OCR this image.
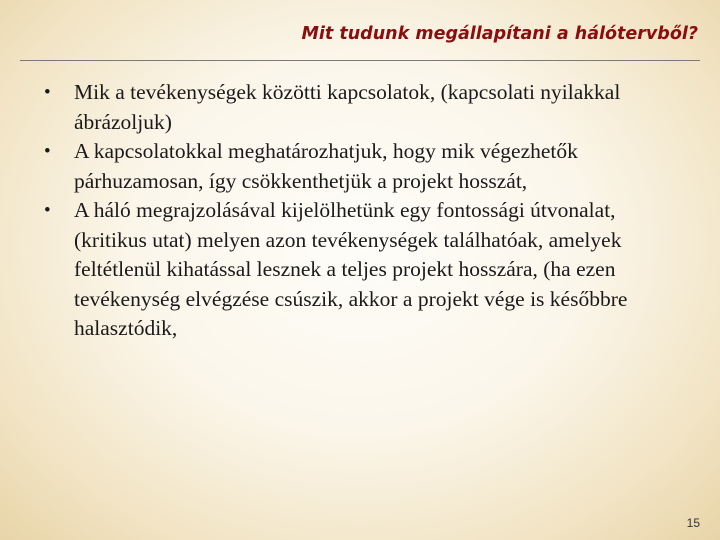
Mit tudunk megállapítani a hálótervből?
• Mik a tevékenységek közötti kapcsolatok, (kapcsolati nyilakkal ábrázoljuk)
• A kapcsolatokkal meghatározhatjuk, hogy mik végezhetők párhuzamosan, így csökkenthetjük a projekt hosszát,
• A háló megrajzolásával kijelölhetünk egy fontossági útvonalat, (kritikus utat) melyen azon tevékenységek találhatóak, amelyek feltétlenül kihatással lesznek a teljes projekt hosszára, (ha ezen tevékenység elvégzése csúszik, akkor a projekt vége is későbbre halasztódik,
15
